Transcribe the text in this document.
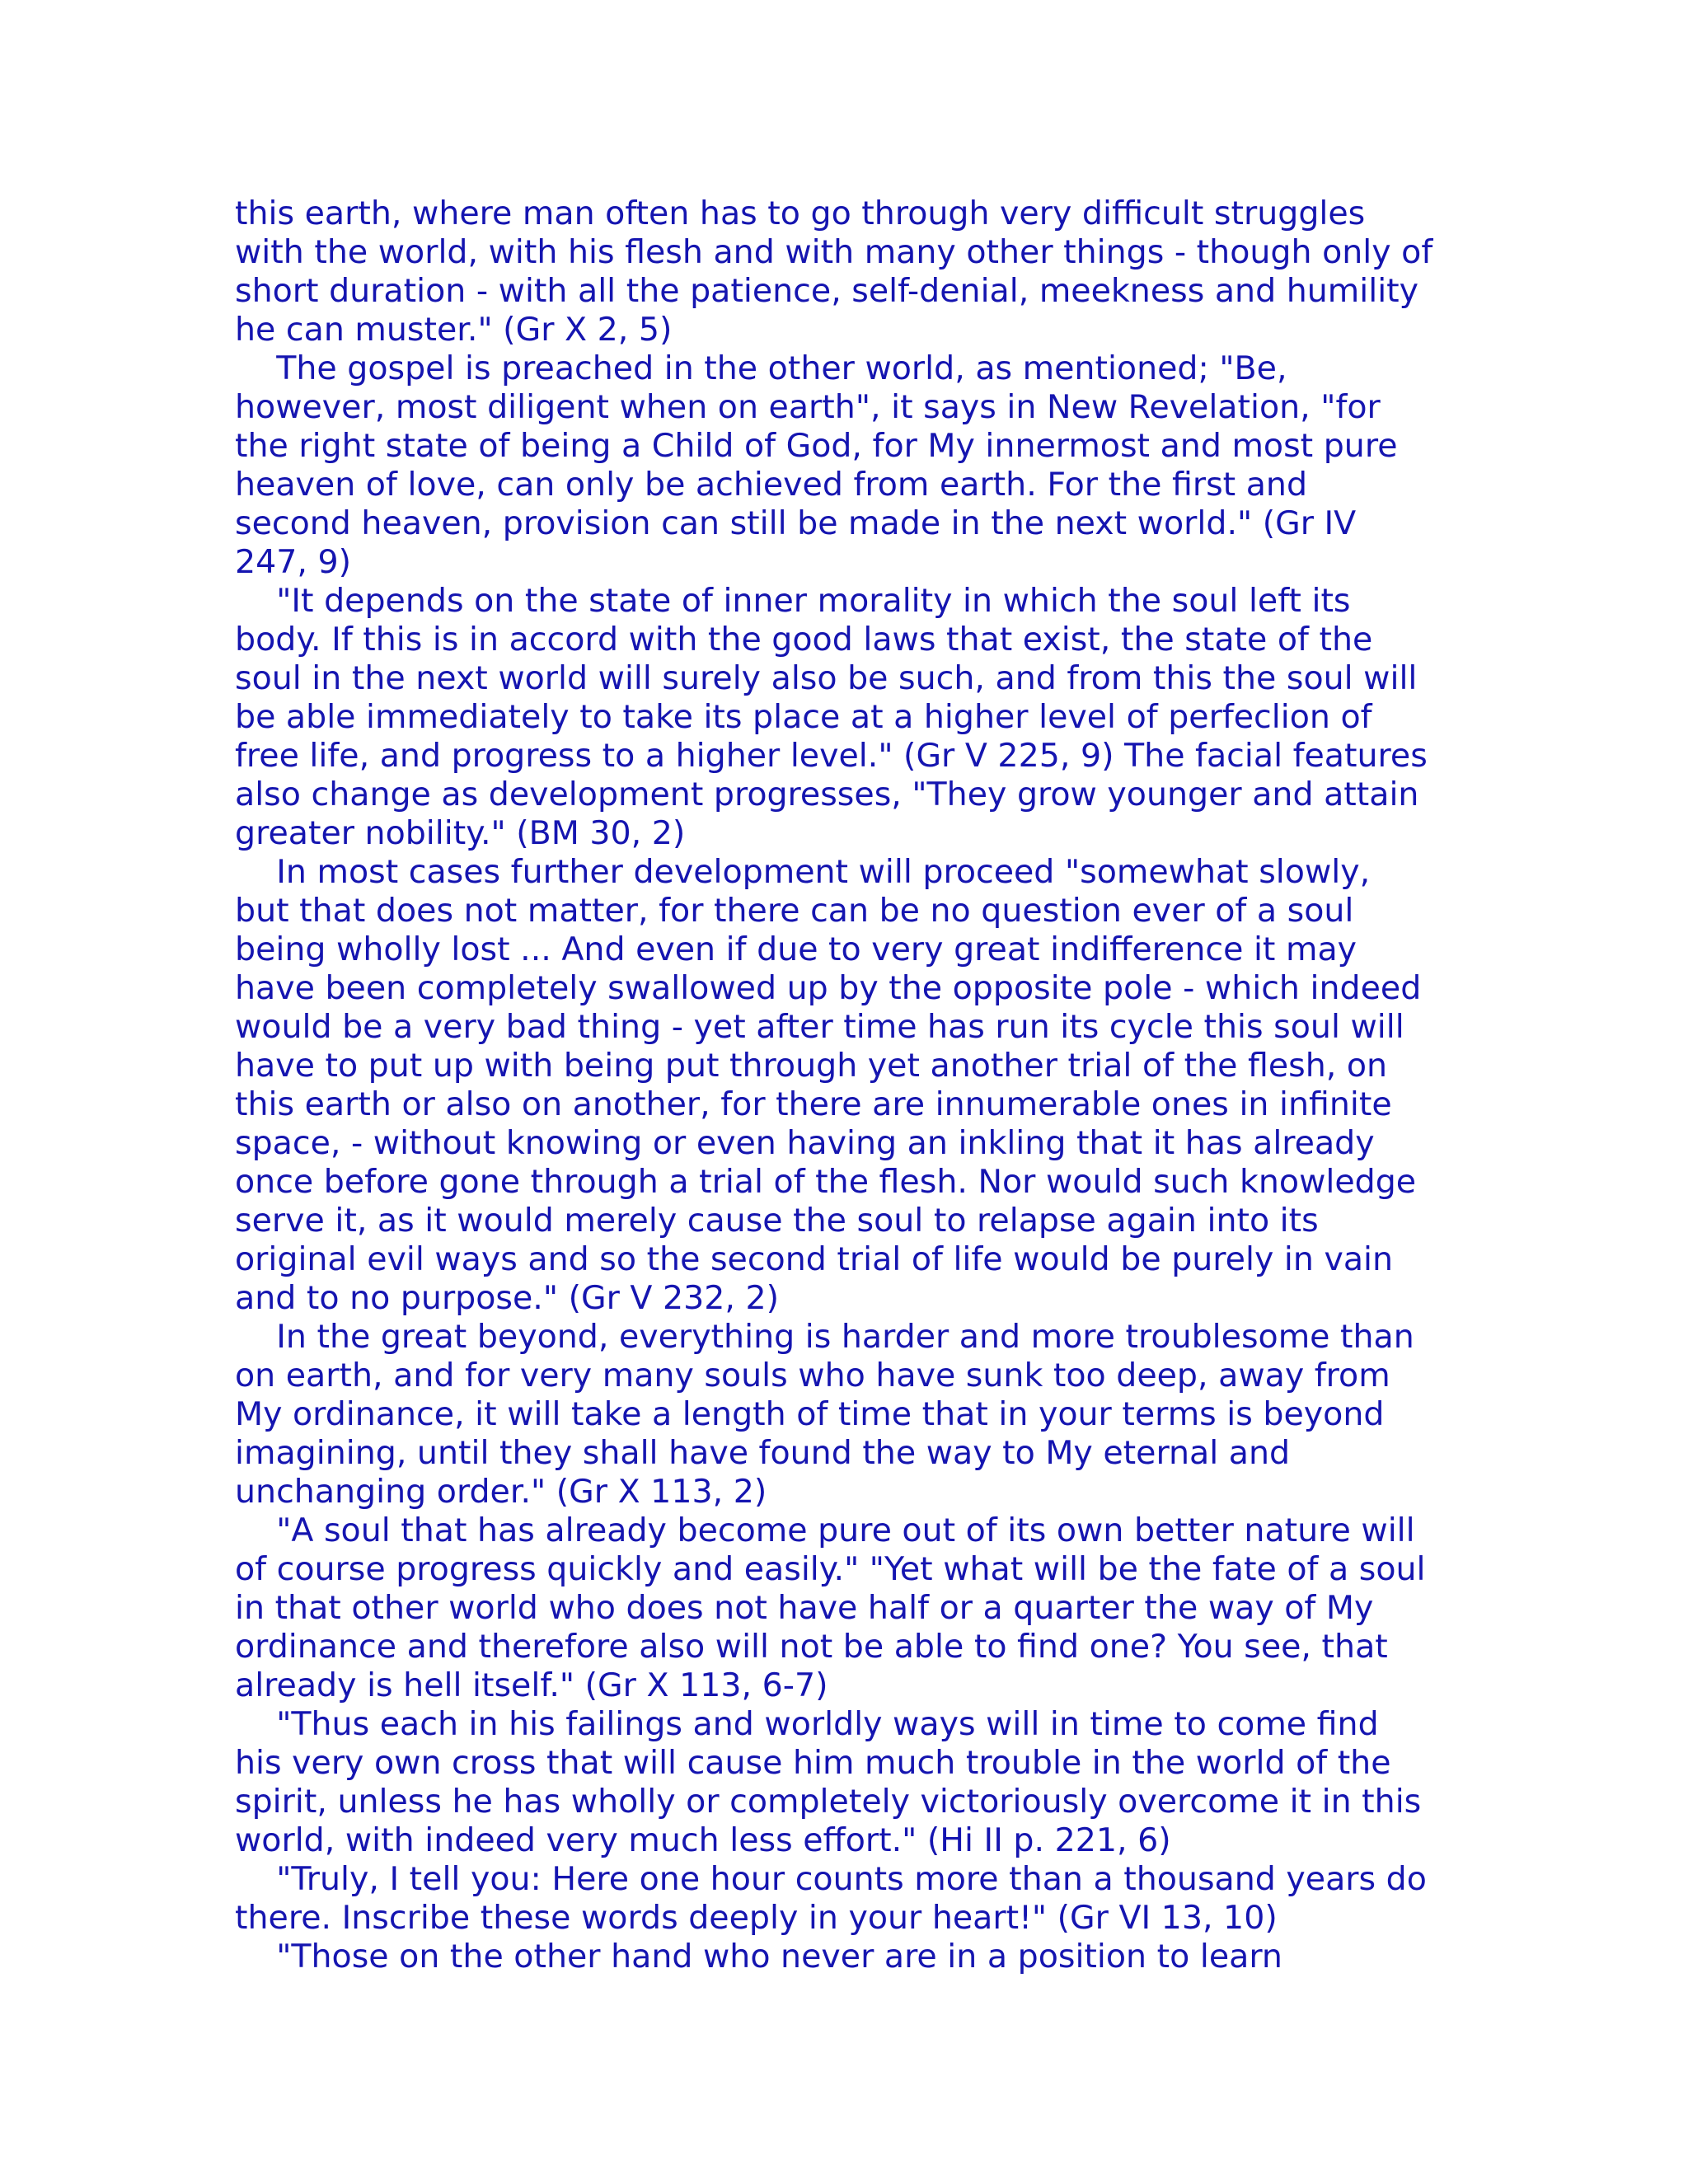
this earth, where man often has to go through very difficult struggles
with the world, with his flesh and with many other things - though only of
short duration - with all the patience, self-denial, meekness and humility
he can muster." (Gr X 2, 5)
The gospel is preached in the other world, as mentioned; "Be,
however, most diligent when on earth", it says in New Revelation, "for
the right state of being a Child of God, for My innermost and most pure
heaven of love, can only be achieved from earth. For the first and
second heaven, provision can still be made in the next world." (Gr IV
247, 9)
"It depends on the state of inner morality in which the soul left its
body. If this is in accord with the good laws that exist, the state of the
soul in the next world will surely also be such, and from this the soul will
be able immediately to take its place at a higher level of perfeclion of
free life, and progress to a higher level." (Gr V 225, 9) The facial features
also change as development progresses, "They grow younger and attain
greater nobility." (BM 30, 2)
In most cases further development will proceed "somewhat slowly,
but that does not matter, for there can be no question ever of a soul
being wholly lost ... And even if due to very great indifference it may
have been completely swallowed up by the opposite pole - which indeed
would be a very bad thing - yet after time has run its cycle this soul will
have to put up with being put through yet another trial of the flesh, on
this earth or also on another, for there are innumerable ones in infinite
space, - without knowing or even having an inkling that it has already
once before gone through a trial of the flesh. Nor would such knowledge
serve it, as it would merely cause the soul to relapse again into its
original evil ways and so the second trial of life would be purely in vain
and to no purpose." (Gr V 232, 2)
In the great beyond, everything is harder and more troublesome than
on earth, and for very many souls who have sunk too deep, away from
My ordinance, it will take a length of time that in your terms is beyond
imagining, until they shall have found the way to My eternal and
unchanging order." (Gr X 113, 2)
"A soul that has already become pure out of its own better nature will
of course progress quickly and easily." "Yet what will be the fate of a soul
in that other world who does not have half or a quarter the way of My
ordinance and therefore also will not be able to find one? You see, that
already is hell itself." (Gr X 113, 6-7)
"Thus each in his failings and worldly ways will in time to come find
his very own cross that will cause him much trouble in the world of the
spirit, unless he has wholly or completely victoriously overcome it in this
world, with indeed very much less effort." (Hi II p. 221, 6)
"Truly, I tell you: Here one hour counts more than a thousand years do
there. Inscribe these words deeply in your heart!" (Gr VI 13, 10)
"Those on the other hand who never are in a position to learn
